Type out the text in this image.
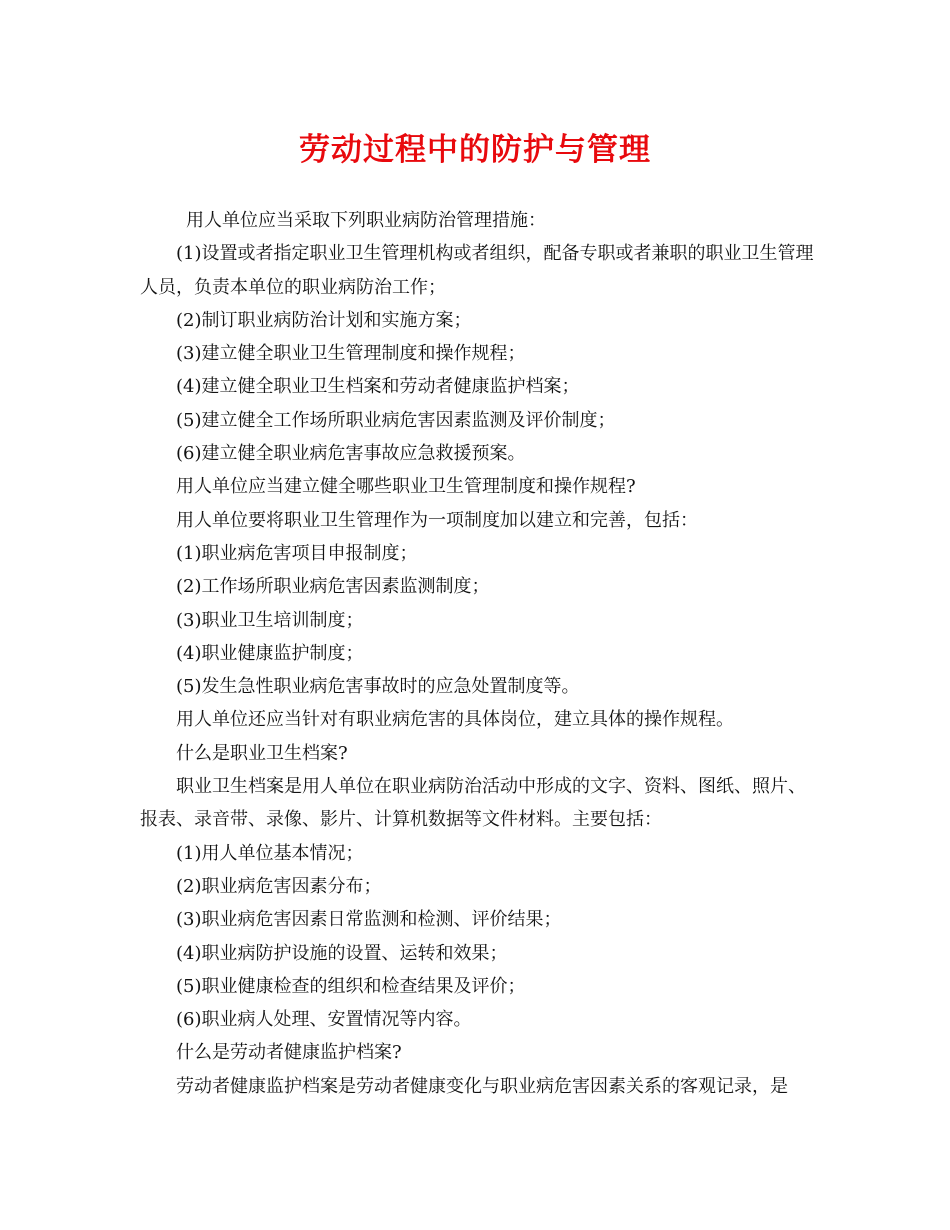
劳动过程中的防护与管理

用人单位应当采取下列职业病防治管理措施：

(1)设置或者指定职业卫生管理机构或者组织，配备专职或者兼职的职业卫生管理人员，负责本单位的职业病防治工作；

(2)制订职业病防治计划和实施方案；

(3)建立健全职业卫生管理制度和操作规程；

(4)建立健全职业卫生档案和劳动者健康监护档案；

(5)建立健全工作场所职业病危害因素监测及评价制度；

(6)建立健全职业病危害事故应急救援预案。

用人单位应当建立健全哪些职业卫生管理制度和操作规程?

用人单位要将职业卫生管理作为一项制度加以建立和完善，包括：

(1)职业病危害项目申报制度；

(2)工作场所职业病危害因素监测制度；

(3)职业卫生培训制度；

(4)职业健康监护制度；

(5)发生急性职业病危害事故时的应急处置制度等。

用人单位还应当针对有职业病危害的具体岗位，建立具体的操作规程。

什么是职业卫生档案?

职业卫生档案是用人单位在职业病防治活动中形成的文字、资料、图纸、照片、报表、录音带、录像、影片、计算机数据等文件材料。主要包括：

(1)用人单位基本情况；

(2)职业病危害因素分布；

(3)职业病危害因素日常监测和检测、评价结果；

(4)职业病防护设施的设置、运转和效果；

(5)职业健康检查的组织和检查结果及评价；

(6)职业病人处理、安置情况等内容。

什么是劳动者健康监护档案?

劳动者健康监护档案是劳动者健康变化与职业病危害因素关系的客观记录，是
